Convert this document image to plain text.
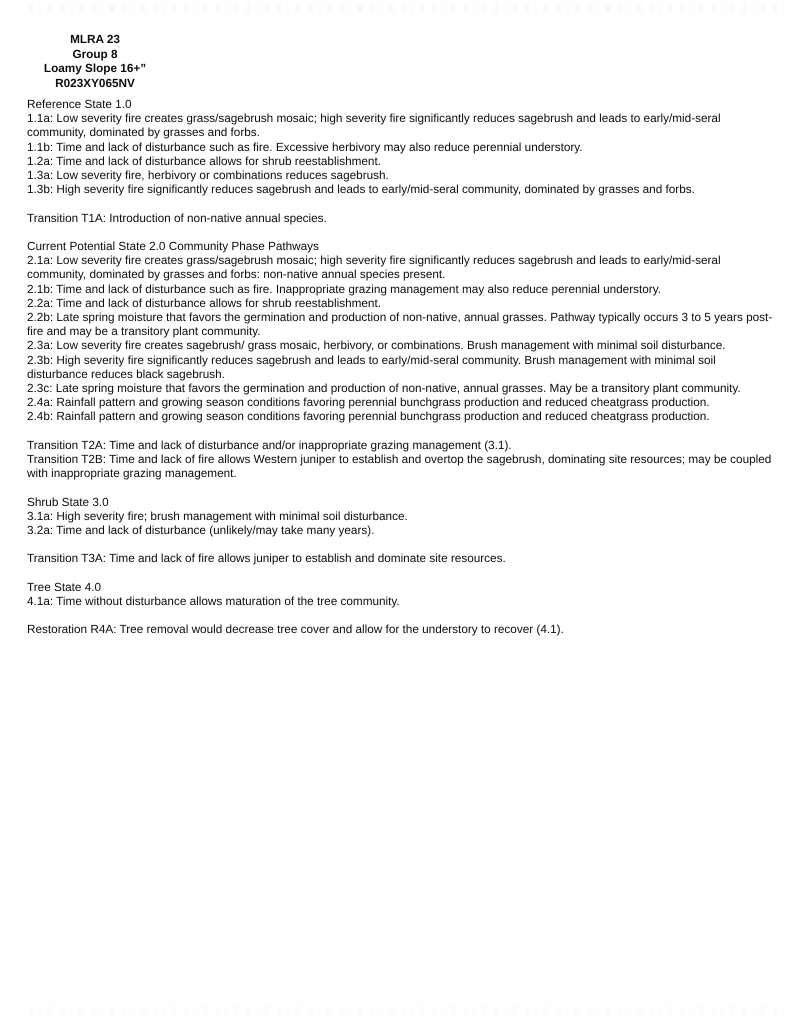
MLRA 23
Group 8
Loamy Slope 16+”
R023XY065NV
Reference State 1.0
1.1a: Low severity fire creates grass/sagebrush mosaic; high severity fire significantly reduces sagebrush and leads to early/mid-seral community, dominated by grasses and forbs.
1.1b: Time and lack of disturbance such as fire. Excessive herbivory may also reduce perennial understory.
1.2a: Time and lack of disturbance allows for shrub reestablishment.
1.3a: Low severity fire, herbivory or combinations reduces sagebrush.
1.3b: High severity fire significantly reduces sagebrush and leads to early/mid-seral community, dominated by grasses and forbs.
Transition T1A: Introduction of non-native annual species.
Current Potential State 2.0 Community Phase Pathways
2.1a: Low severity fire creates grass/sagebrush mosaic; high severity fire significantly reduces sagebrush and leads to early/mid-seral community, dominated by grasses and forbs: non-native annual species present.
2.1b: Time and lack of disturbance such as fire. Inappropriate grazing management may also reduce perennial understory.
2.2a: Time and lack of disturbance allows for shrub reestablishment.
2.2b: Late spring moisture that favors the germination and production of non-native, annual grasses. Pathway typically occurs 3 to 5 years post-fire and may be a transitory plant community.
2.3a: Low severity fire creates sagebrush/ grass mosaic, herbivory, or combinations. Brush management with minimal soil disturbance.
2.3b: High severity fire significantly reduces sagebrush and leads to early/mid-seral community. Brush management with minimal soil disturbance reduces black sagebrush.
2.3c: Late spring moisture that favors the germination and production of non-native, annual grasses. May be a transitory plant community.
2.4a: Rainfall pattern and growing season conditions favoring perennial bunchgrass production and reduced cheatgrass production.
2.4b: Rainfall pattern and growing season conditions favoring perennial bunchgrass production and reduced cheatgrass production.
Transition T2A: Time and lack of disturbance and/or inappropriate grazing management (3.1).
Transition T2B: Time and lack of fire allows Western juniper to establish and overtop the sagebrush, dominating site resources; may be coupled with inappropriate grazing management.
Shrub State 3.0
3.1a: High severity fire; brush management with minimal soil disturbance.
3.2a: Time and lack of disturbance (unlikely/may take many years).
Transition T3A: Time and lack of fire allows juniper to establish and dominate site resources.
Tree State 4.0
4.1a: Time without disturbance allows maturation of the tree community.
Restoration R4A: Tree removal would decrease tree cover and allow for the understory to recover (4.1).
